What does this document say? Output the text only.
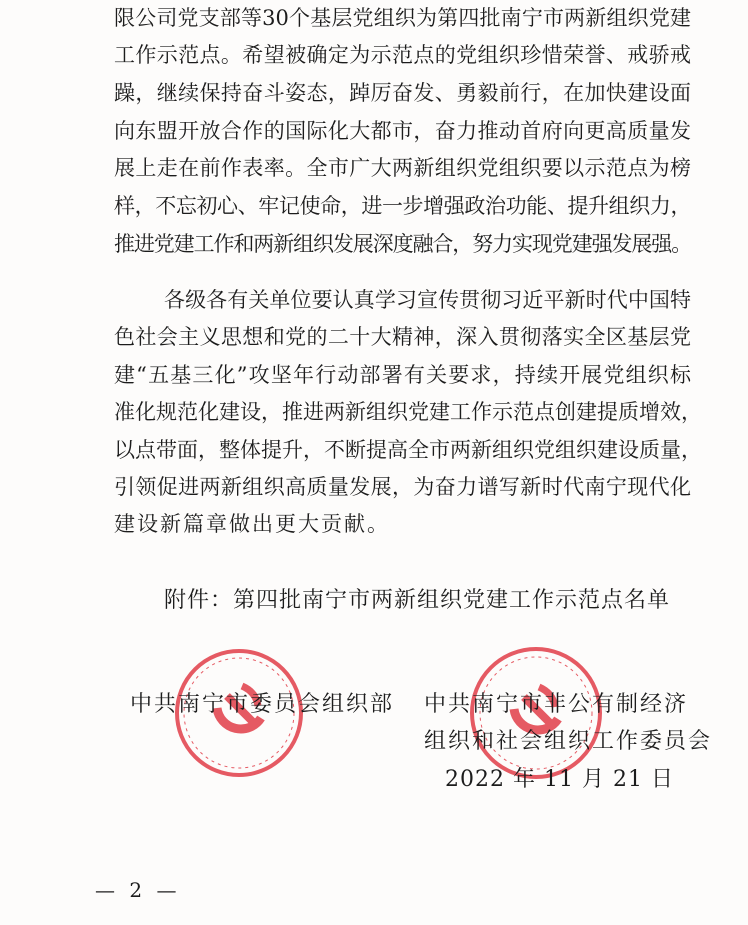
限公司党支部等30个基层党组织为第四批南宁市两新组织党建
工作示范点。希望被确定为示范点的党组织珍惜荣誉、戒骄戒
躁，继续保持奋斗姿态，踔厉奋发、勇毅前行，在加快建设面
向东盟开放合作的国际化大都市，奋力推动首府向更高质量发
展上走在前作表率。全市广大两新组织党组织要以示范点为榜
样，不忘初心、牢记使命，进一步增强政治功能、提升组织力，
推进党建工作和两新组织发展深度融合，努力实现党建强发展强。
各级各有关单位要认真学习宣传贯彻习近平新时代中国特
色社会主义思想和党的二十大精神，深入贯彻落实全区基层党
建“五基三化”攻坚年行动部署有关要求，持续开展党组织标
准化规范化建设，推进两新组织党建工作示范点创建提质增效，
以点带面，整体提升，不断提高全市两新组织党组织建设质量，
引领促进两新组织高质量发展，为奋力谱写新时代南宁现代化
建设新篇章做出更大贡献。
附件：第四批南宁市两新组织党建工作示范点名单
中共南宁市委员会组织部 中共南宁市非公有制经济
组织和社会组织工作委员会
2022 年 11 月 21 日
— 2 —
